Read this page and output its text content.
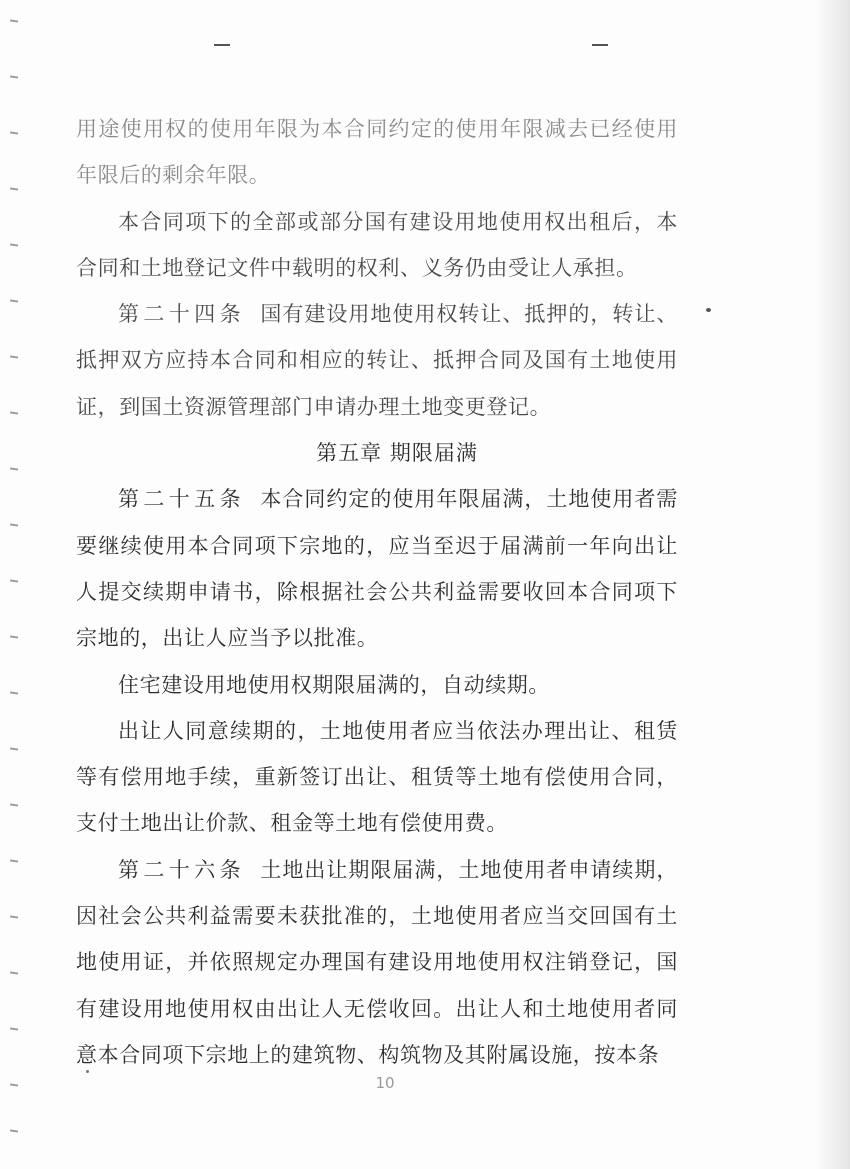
用途使用权的使用年限为本合同约定的使用年限减去已经使用年限后的剩余年限。

本合同项下的全部或部分国有建设用地使用权出租后，本合同和土地登记文件中载明的权利、义务仍由受让人承担。

第二十四条 国有建设用地使用权转让、抵押的，转让、抵押双方应持本合同和相应的转让、抵押合同及国有土地使用证，到国土资源管理部门申请办理土地变更登记。

第五章 期限届满

第二十五条 本合同约定的使用年限届满，土地使用者需要继续使用本合同项下宗地的，应当至迟于届满前一年向出让人提交续期申请书，除根据社会公共利益需要收回本合同项下宗地的，出让人应当予以批准。

住宅建设用地使用权期限届满的，自动续期。

出让人同意续期的，土地使用者应当依法办理出让、租赁等有偿用地手续，重新签订出让、租赁等土地有偿使用合同，支付土地出让价款、租金等土地有偿使用费。

第二十六条 土地出让期限届满，土地使用者申请续期，因社会公共利益需要未获批准的，土地使用者应当交回国有土地使用证，并依照规定办理国有建设用地使用权注销登记，国有建设用地使用权由出让人无偿收回。出让人和土地使用者同意本合同项下宗地上的建筑物、构筑物及其附属设施，按本条

10
